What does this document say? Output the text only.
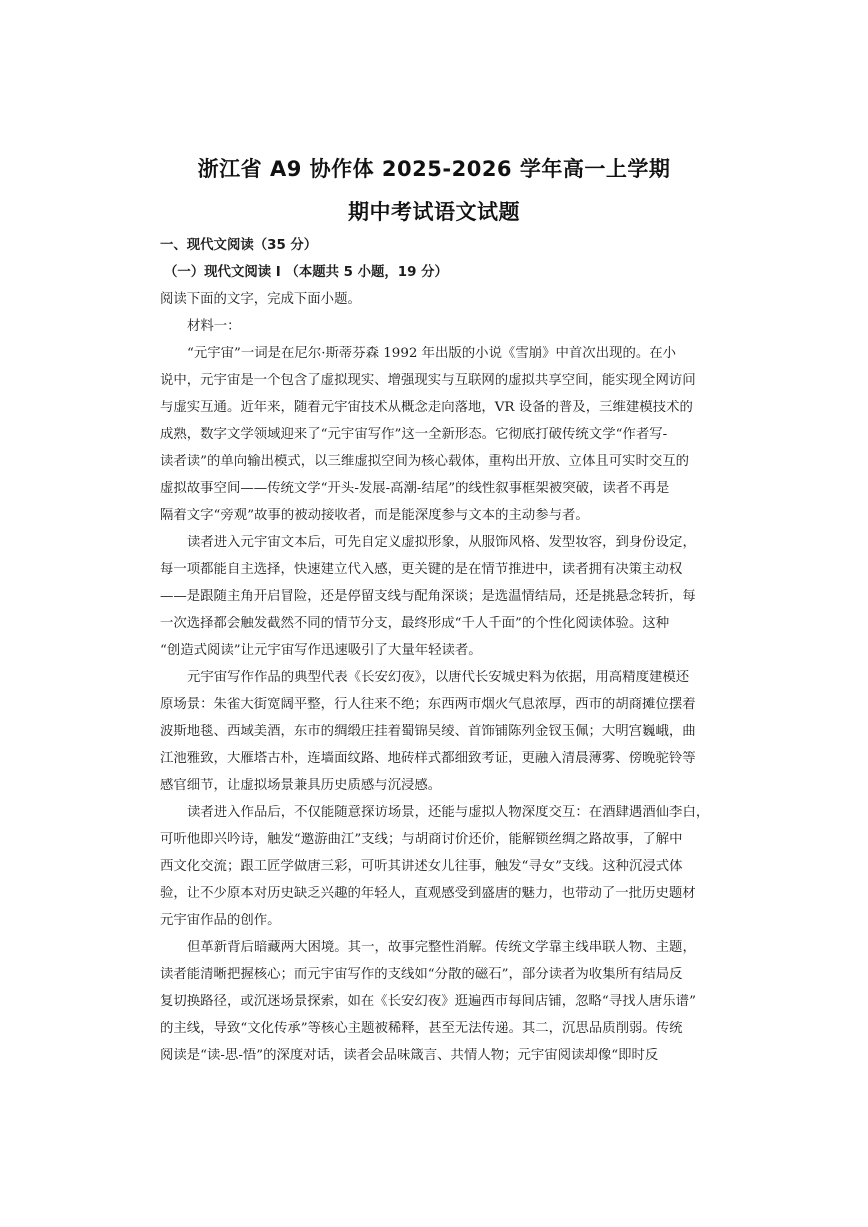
浙江省 A9 协作体 2025-2026 学年高一上学期
期中考试语文试题
一、现代文阅读（35 分）
（一）现代文阅读 I （本题共 5 小题，19 分）
阅读下面的文字，完成下面小题。
材料一：
“元宇宙”一词是在尼尔·斯蒂芬森 1992 年出版的小说《雪崩》中首次出现的。在小
说中，元宇宙是一个包含了虚拟现实、增强现实与互联网的虚拟共享空间，能实现全网访问
与虚实互通。近年来，随着元宇宙技术从概念走向落地，VR 设备的普及，三维建模技术的
成熟，数字文学领域迎来了“元宇宙写作”这一全新形态。它彻底打破传统文学“作者写-
读者读”的单向输出模式，以三维虚拟空间为核心载体，重构出开放、立体且可实时交互的
虚拟故事空间——传统文学“开头-发展-高潮-结尾”的线性叙事框架被突破，读者不再是
隔着文字“旁观”故事的被动接收者，而是能深度参与文本的主动参与者。
读者进入元宇宙文本后，可先自定义虚拟形象，从服饰风格、发型妆容，到身份设定，
每一项都能自主选择，快速建立代入感，更关键的是在情节推进中，读者拥有决策主动权
——是跟随主角开启冒险，还是停留支线与配角深谈；是选温情结局，还是挑悬念转折，每
一次选择都会触发截然不同的情节分支，最终形成“千人千面”的个性化阅读体验。这种
“创造式阅读”让元宇宙写作迅速吸引了大量年轻读者。
元宇宙写作作品的典型代表《长安幻夜》，以唐代长安城史料为依据，用高精度建模还
原场景：朱雀大街宽阔平整，行人往来不绝；东西两市烟火气息浓厚，西市的胡商摊位摆着
波斯地毯、西域美酒，东市的绸缎庄挂着蜀锦吴绫、首饰铺陈列金钗玉佩；大明宫巍峨，曲
江池雅致，大雁塔古朴，连墙面纹路、地砖样式都细致考证，更融入清晨薄雾、傍晚驼铃等
感官细节，让虚拟场景兼具历史质感与沉浸感。
读者进入作品后，不仅能随意探访场景，还能与虚拟人物深度交互：在酒肆遇酒仙李白，
可听他即兴吟诗，触发“邀游曲江”支线；与胡商讨价还价，能解锁丝绸之路故事，了解中
西文化交流；跟工匠学做唐三彩，可听其讲述女儿往事，触发“寻女”支线。这种沉浸式体
验，让不少原本对历史缺乏兴趣的年轻人，直观感受到盛唐的魅力，也带动了一批历史题材
元宇宙作品的创作。
但革新背后暗藏两大困境。其一，故事完整性消解。传统文学靠主线串联人物、主题，
读者能清晰把握核心；而元宇宙写作的支线如“分散的磁石”，部分读者为收集所有结局反
复切换路径，或沉迷场景探索，如在《长安幻夜》逛遍西市每间店铺，忽略“寻找人唐乐谱”
的主线，导致“文化传承”等核心主题被稀释，甚至无法传递。其二，沉思品质削弱。传统
阅读是“读-思-悟”的深度对话，读者会品味箴言、共情人物；元宇宙阅读却像“即时反
